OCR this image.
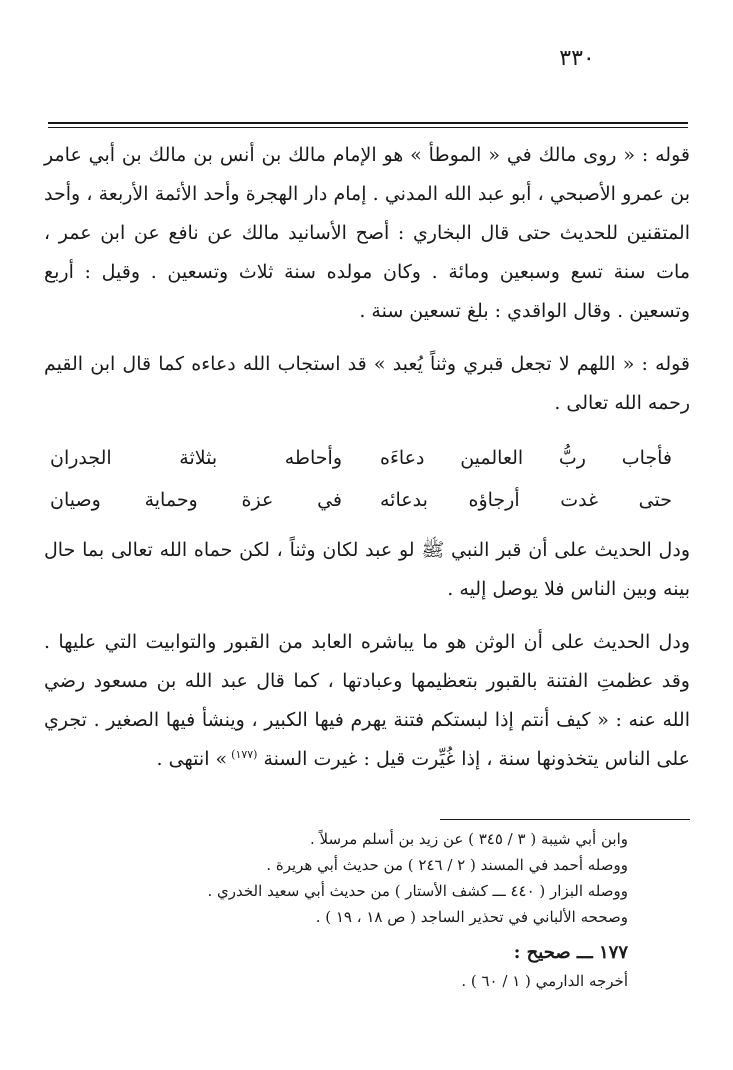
٣٣٠

قوله : « روى مالك في « الموطأ » هو الإمام مالك بن أنس بن مالك بن أبي عامر بن عمرو الأصبحي ، أبو عبد الله المدني . إمام دار الهجرة وأحد الأئمة الأربعة ، وأحد المتقنين للحديث حتى قال البخاري : أصح الأسانيد مالك عن نافع عن ابن عمر ، مات سنة تسع وسبعين ومائة . وكان مولده سنة ثلاث وتسعين . وقيل : أربع وتسعين . وقال الواقدي : بلغ تسعين سنة .

قوله : « اللهم لا تجعل قبري وثناً يُعبد » قد استجاب الله دعاءه كما قال ابن القيم رحمه الله تعالى .

فأجاب ربُّ العالمين دعاءَه
وأحاطه بثلاثة الجدران
حتى غدت أرجاؤه بدعائه
في عزة وحماية وصيان

ودل الحديث على أن قبر النبي ﷺ لو عبد لكان وثناً ، لكن حماه الله تعالى بما حال بينه وبين الناس فلا يوصل إليه .

ودل الحديث على أن الوثن هو ما يباشره العابد من القبور والتوابيت التي عليها . وقد عظمتِ الفتنة بالقبور بتعظيمها وعبادتها ، كما قال عبد الله بن مسعود رضي الله عنه : « كيف أنتم إذا لبستكم فتنة يهرم فيها الكبير ، وينشأ فيها الصغير . تجري على الناس يتخذونها سنة ، إذا غُيِّرت قيل : غيرت السنة$^{(١٧٧)}$» انتهى .

وابن أبي شيبة ( ٣ / ٣٤٥ ) عن زيد بن أسلم مرسلاً .
ووصله أحمد في المسند ( ٢ / ٢٤٦ ) من حديث أبي هريرة .
ووصله البزار ( ٤٤٠ ـــ كشف الأستار ) من حديث أبي سعيد الخدري .
وصححه الألباني في تحذير الساجد ( ص ١٨ ، ١٩ ) .
١٧٧ ـــ صحيح :
أخرجه الدارمي ( ١ / ٦٠ ) .
